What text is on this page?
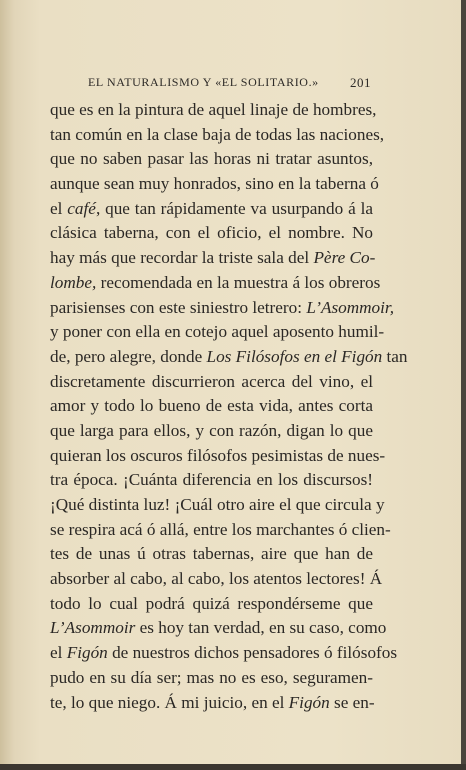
EL NATURALISMO Y «EL SOLITARIO.»	201
que es en la pintura de aquel linaje de hombres,
tan común en la clase baja de todas las naciones,
que no saben pasar las horas ni tratar asuntos,
aunque sean muy honrados, sino en la taberna ó
el café, que tan rápidamente va usurpando á la
clásica taberna, con el oficio, el nombre. No
hay más que recordar la triste sala del Père Co-
lombe, recomendada en la muestra á los obreros
parisienses con este siniestro letrero: L’Asommoir,
y poner con ella en cotejo aquel aposento humil-
de, pero alegre, donde Los Filósofos en el Figón tan
discretamente discurrieron acerca del vino, el
amor y todo lo bueno de esta vida, antes corta
que larga para ellos, y con razón, digan lo que
quieran los oscuros filósofos pesimistas de nues-
tra época. ¡Cuánta diferencia en los discursos!
¡Qué distinta luz! ¡Cuál otro aire el que circula y
se respira acá ó allá, entre los marchantes ó clien-
tes de unas ú otras tabernas, aire que han de
absorber al cabo, al cabo, los atentos lectores! Á
todo lo cual podrá quizá respondérseme que
L’Asommoir es hoy tan verdad, en su caso, como
el Figón de nuestros dichos pensadores ó filósofos
pudo en su día ser; mas no es eso, seguramen-
te, lo que niego. Á mi juicio, en el Figón se en-
